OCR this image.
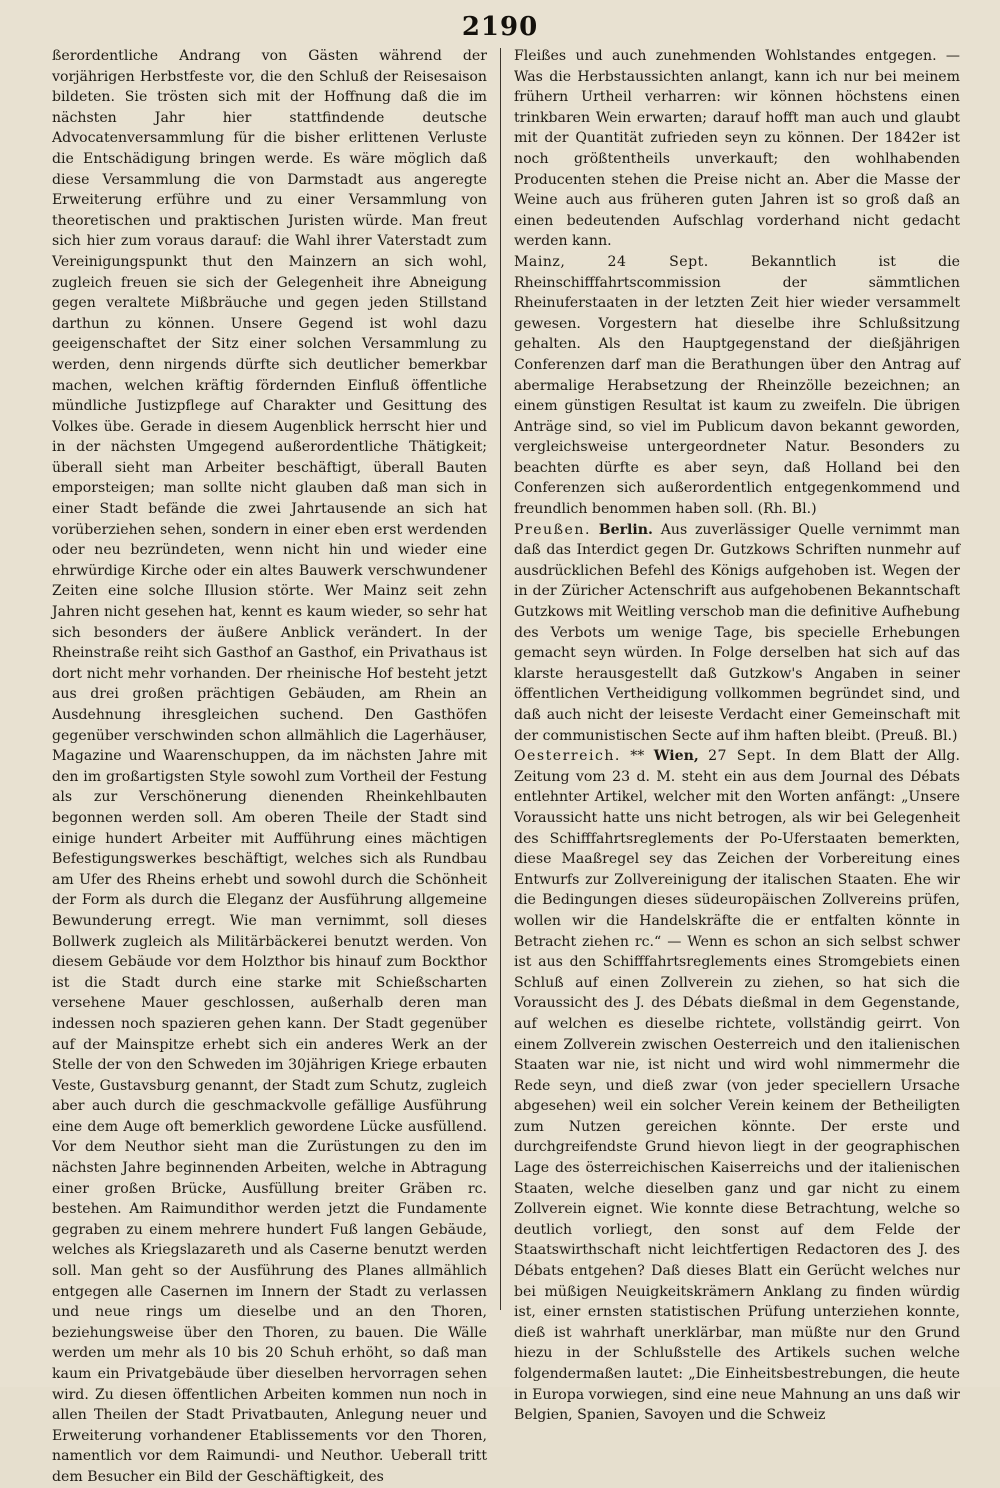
2190

ßerordentliche Andrang von Gästen während der vorjährigen Herbstfeste vor, die den Schluß der Reisesaison bildeten. Sie trösten sich mit der Hoffnung daß die im nächsten Jahr hier stattfindende deutsche Advocatenversammlung für die bisher erlittenen Verluste die Entschädigung bringen werde. Es wäre möglich daß diese Versammlung die von Darmstadt aus angeregte Erweiterung erführe und zu einer Versammlung von theoretischen und praktischen Juristen würde. Man freut sich hier zum voraus darauf: die Wahl ihrer Vaterstadt zum Vereinigungspunkt thut den Mainzern an sich wohl, zugleich freuen sie sich der Gelegenheit ihre Abneigung gegen veraltete Mißbräuche und gegen jeden Stillstand darthun zu können. Unsere Gegend ist wohl dazu geeigenschaftet der Sitz einer solchen Versammlung zu werden, denn nirgends dürfte sich deutlicher bemerkbar machen, welchen kräftig fördernden Einfluß öffentliche mündliche Justizpflege auf Charakter und Gesittung des Volkes übe. Gerade in diesem Augenblick herrscht hier und in der nächsten Umgegend außerordentliche Thätigkeit; überall sieht man Arbeiter beschäftigt, überall Bauten emporsteigen; man sollte nicht glauben daß man sich in einer Stadt befände die zwei Jahrtausende an sich hat vorüberziehen sehen, sondern in einer eben erst werdenden oder neu bezründeten, wenn nicht hin und wieder eine ehrwürdige Kirche oder ein altes Bauwerk verschwundener Zeiten eine solche Illusion störte. Wer Mainz seit zehn Jahren nicht gesehen hat, kennt es kaum wieder, so sehr hat sich besonders der äußere Anblick verändert. In der Rheinstraße reiht sich Gasthof an Gasthof, ein Privathaus ist dort nicht mehr vorhanden. Der rheinische Hof besteht jetzt aus drei großen prächtigen Gebäuden, am Rhein an Ausdehnung ihresgleichen suchend. Den Gasthöfen gegenüber verschwinden schon allmählich die Lagerhäuser, Magazine und Waarenschuppen, da im nächsten Jahre mit den im großartigsten Style sowohl zum Vortheil der Festung als zur Verschönerung dienenden Rheinkehlbauten begonnen werden soll. Am oberen Theile der Stadt sind einige hundert Arbeiter mit Aufführung eines mächtigen Befestigungswerkes beschäftigt, welches sich als Rundbau am Ufer des Rheins erhebt und sowohl durch die Schönheit der Form als durch die Eleganz der Ausführung allgemeine Bewunderung erregt. Wie man vernimmt, soll dieses Bollwerk zugleich als Militärbäckerei benutzt werden. Von diesem Gebäude vor dem Holzthor bis hinauf zum Bockthor ist die Stadt durch eine starke mit Schießscharten versehene Mauer geschlossen, außerhalb deren man indessen noch spazieren gehen kann. Der Stadt gegenüber auf der Mainspitze erhebt sich ein anderes Werk an der Stelle der von den Schweden im 30jährigen Kriege erbauten Veste, Gustavsburg genannt, der Stadt zum Schutz, zugleich aber auch durch die geschmackvolle gefällige Ausführung eine dem Auge oft bemerklich gewordene Lücke ausfüllend. Vor dem Neuthor sieht man die Zurüstungen zu den im nächsten Jahre beginnenden Arbeiten, welche in Abtragung einer großen Brücke, Ausfüllung breiter Gräben rc. bestehen. Am Raimundithor werden jetzt die Fundamente gegraben zu einem mehrere hundert Fuß langen Gebäude, welches als Kriegslazareth und als Caserne benutzt werden soll. Man geht so der Ausführung des Planes allmählich entgegen alle Casernen im Innern der Stadt zu verlassen und neue rings um dieselbe und an den Thoren, beziehungsweise über den Thoren, zu bauen. Die Wälle werden um mehr als 10 bis 20 Schuh erhöht, so daß man kaum ein Privatgebäude über dieselben hervorragen sehen wird. Zu diesen öffentlichen Arbeiten kommen nun noch in allen Theilen der Stadt Privatbauten, Anlegung neuer und Erweiterung vorhandener Etablissements vor den Thoren, namentlich vor dem Raimundi- und Neuthor. Ueberall tritt dem Besucher ein Bild der Geschäftigkeit, des

Fleißes und auch zunehmenden Wohlstandes entgegen. — Was die Herbstaussichten anlangt, kann ich nur bei meinem frühern Urtheil verharren: wir können höchstens einen trinkbaren Wein erwarten; darauf hofft man auch und glaubt mit der Quantität zufrieden seyn zu können. Der 1842er ist noch größtentheils unverkauft; den wohlhabenden Producenten stehen die Preise nicht an. Aber die Masse der Weine auch aus früheren guten Jahren ist so groß daß an einen bedeutenden Aufschlag vorderhand nicht gedacht werden kann.

Mainz,	24 Sept.	Bekanntlich ist die Rheinschifffahrtscommission der sämmtlichen Rheinuferstaaten in der letzten Zeit hier wieder versammelt gewesen. Vorgestern hat dieselbe ihre Schlußsitzung gehalten. Als den Hauptgegenstand der dießjährigen Conferenzen darf man die Berathungen über den Antrag auf abermalige Herabsetzung der Rheinzölle bezeichnen; an einem günstigen Resultat ist kaum zu zweifeln. Die übrigen Anträge sind, so viel im Publicum davon bekannt geworden, vergleichsweise untergeordneter Natur. Besonders zu beachten dürfte es aber seyn, daß Holland bei den Conferenzen sich außerordentlich entgegenkommend und freundlich benommen haben soll. (Rh. Bl.)

Preußen. Berlin. Aus zuverlässiger Quelle vernimmt man daß das Interdict gegen Dr. Gutzkows Schriften nunmehr auf ausdrücklichen Befehl des Königs aufgehoben ist. Wegen der in der Züricher Actenschrift aus aufgehobenen Bekanntschaft Gutzkows mit Weitling verschob man die definitive Aufhebung des Verbots um wenige Tage, bis specielle Erhebungen gemacht seyn würden. In Folge derselben hat sich auf das klarste herausgestellt daß Gutzkow's Angaben in seiner öffentlichen Vertheidigung vollkommen begründet sind, und daß auch nicht der leiseste Verdacht einer Gemeinschaft mit der communistischen Secte auf ihm haften bleibt. (Preuß. Bl.)

Oesterreich. ** Wien, 27 Sept. In dem Blatt der Allg. Zeitung vom 23 d. M. steht ein aus dem Journal des Débats entlehnter Artikel, welcher mit den Worten anfängt: „Unsere Voraussicht hatte uns nicht betrogen, als wir bei Gelegenheit des Schifffahrtsreglements der Po-Uferstaaten bemerkten, diese Maaßregel sey das Zeichen der Vorbereitung eines Entwurfs zur Zollvereinigung der italischen Staaten. Ehe wir die Bedingungen dieses südeuropäischen Zollvereins prüfen, wollen wir die Handelskräfte die er entfalten könnte in Betracht ziehen rc.“ — Wenn es schon an sich selbst schwer ist aus den Schifffahrtsreglements eines Stromgebiets einen Schluß auf einen Zollverein zu ziehen, so hat sich die Voraussicht des J. des Débats dießmal in dem Gegenstande, auf welchen es dieselbe richtete, vollständig geirrt. Von einem Zollverein zwischen Oesterreich und den italienischen Staaten war nie, ist nicht und wird wohl nimmermehr die Rede seyn, und dieß zwar (von jeder speciellern Ursache abgesehen) weil ein solcher Verein keinem der Betheiligten zum Nutzen gereichen könnte. Der erste und durchgreifendste Grund hievon liegt in der geographischen Lage des österreichischen Kaiserreichs und der italienischen Staaten, welche dieselben ganz und gar nicht zu einem Zollverein eignet. Wie konnte diese Betrachtung, welche so deutlich vorliegt, den sonst auf dem Felde der Staatswirthschaft nicht leichtfertigen Redactoren des J. des Débats entgehen? Daß dieses Blatt ein Gerücht welches nur bei müßigen Neuigkeitskrämern Anklang zu finden würdig ist, einer ernsten statistischen Prüfung unterziehen konnte, dieß ist wahrhaft unerklärbar, man müßte nur den Grund hiezu in der Schlußstelle des Artikels suchen welche folgendermaßen lautet: „Die Einheitsbestrebungen, die heute in Europa vorwiegen, sind eine neue Mahnung an uns daß wir Belgien, Spanien, Savoyen und die Schweiz
